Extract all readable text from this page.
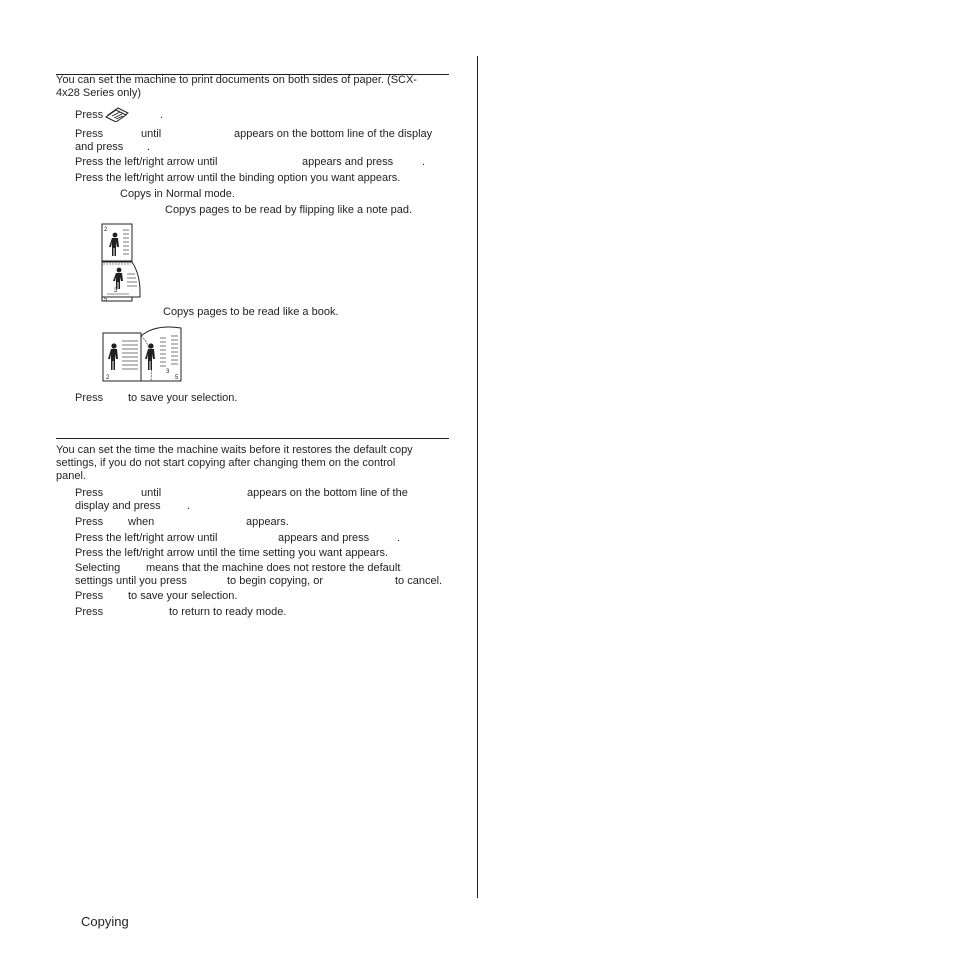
You can set the machine to print documents on both sides of paper. (SCX-
4x28 Series only)
Press	.
Press	until	appears on the bottom line of the display
and press .
Press the left/right arrow until	appears and press	.
Press the left/right arrow until the binding option you want appears.
Copys in Normal mode.
Copys pages to be read by flipping like a note pad.
2
3
5
Copys pages to be read like a book.
2
3
5
Press to save your selection.
You can set the time the machine waits before it restores the default copy
settings, if you do not start copying after changing them on the control
panel.
Press	until	appears on the bottom line of the
display and press .
Press when	appears.
Press the left/right arrow until	appears and press	.
Press the left/right arrow until the time setting you want appears.
Selecting means that the machine does not restore the default
settings until you press	to begin copying, or	to cancel.
Press to save your selection.
Press	to return to ready mode.
Copying
